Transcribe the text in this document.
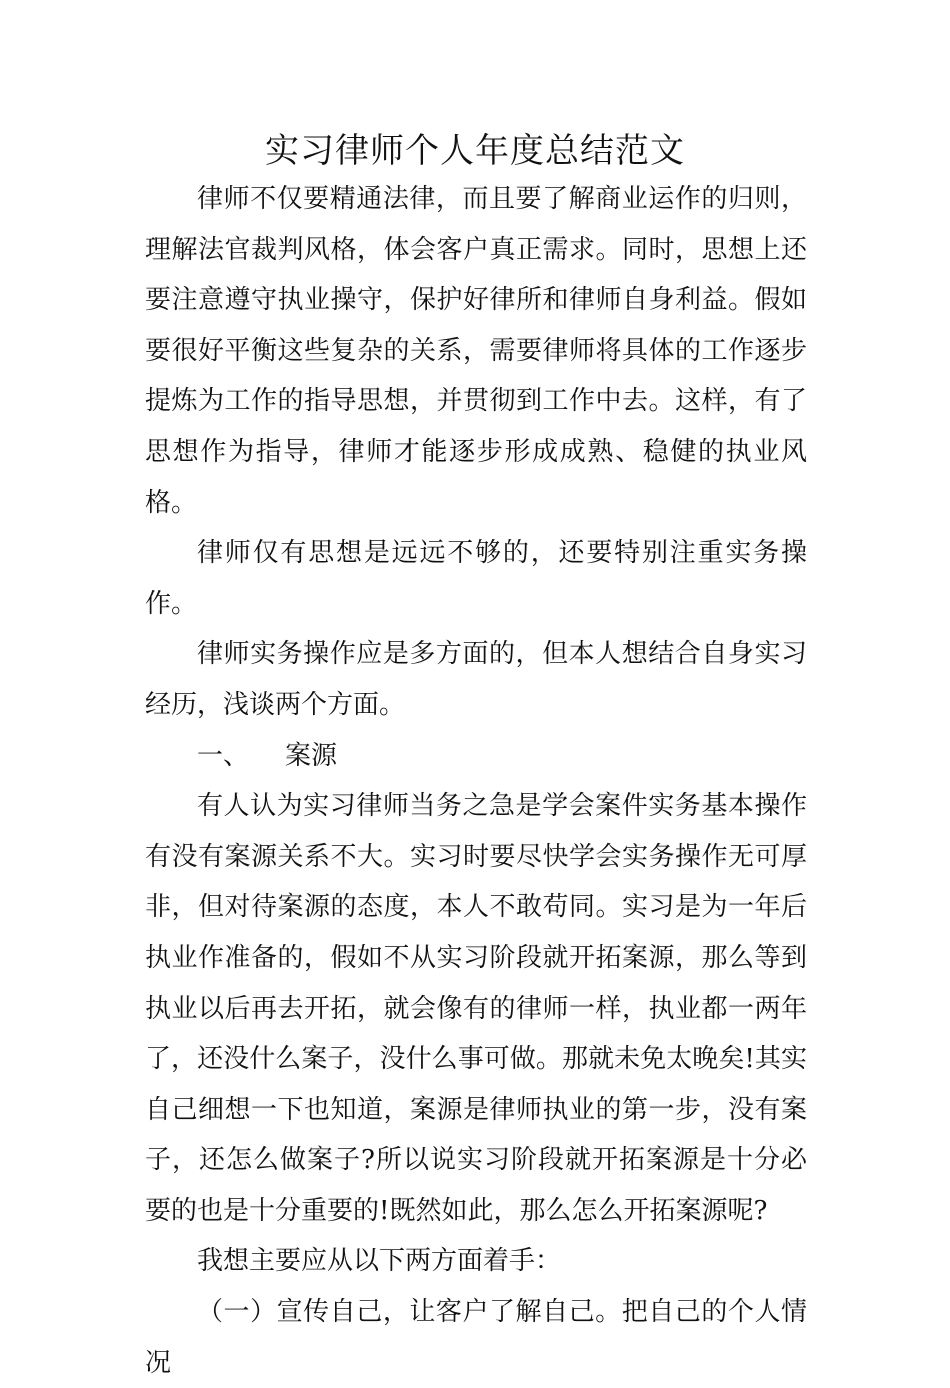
实习律师个人年度总结范文

律师不仅要精通法律，而且要了解商业运作的归则，理解法官裁判风格，体会客户真正需求。同时，思想上还要注意遵守执业操守，保护好律所和律师自身利益。假如要很好平衡这些复杂的关系，需要律师将具体的工作逐步提炼为工作的指导思想，并贯彻到工作中去。这样，有了思想作为指导，律师才能逐步形成成熟、稳健的执业风格。

律师仅有思想是远远不够的，还要特别注重实务操作。

律师实务操作应是多方面的，但本人想结合自身实习经历，浅谈两个方面。

一、 案源

有人认为实习律师当务之急是学会案件实务基本操作有没有案源关系不大。实习时要尽快学会实务操作无可厚非，但对待案源的态度，本人不敢苟同。实习是为一年后执业作准备的，假如不从实习阶段就开拓案源，那么等到执业以后再去开拓，就会像有的律师一样，执业都一两年了，还没什么案子，没什么事可做。那就未免太晚矣!其实自己细想一下也知道，案源是律师执业的第一步，没有案子，还怎么做案子?所以说实习阶段就开拓案源是十分必要的也是十分重要的!既然如此，那么怎么开拓案源呢?

我想主要应从以下两方面着手：

（一）宣传自己，让客户了解自己。把自己的个人情况
